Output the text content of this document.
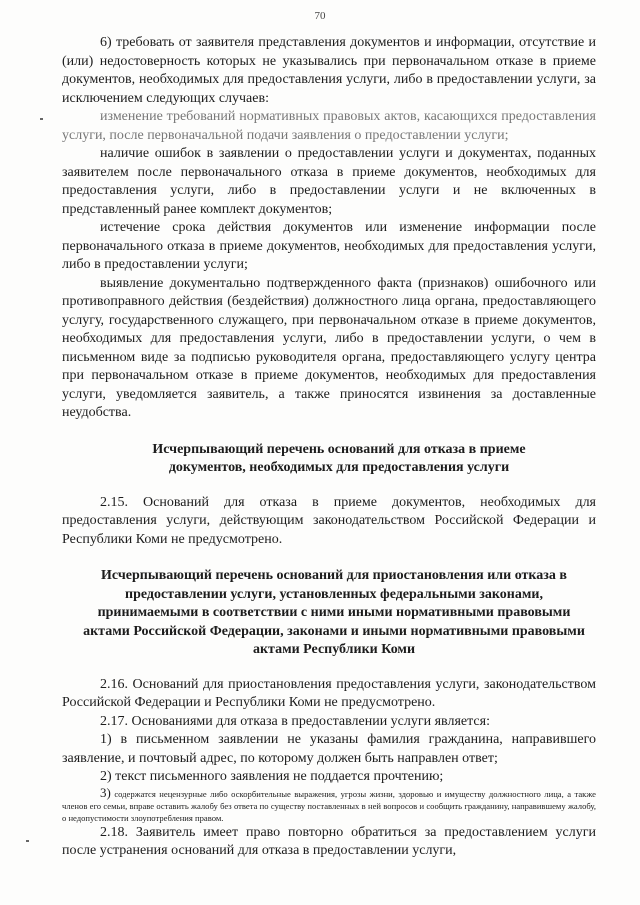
70

6) требовать от заявителя представления документов и информации, отсутствие и (или) недостоверность которых не указывались при первоначальном отказе в приеме документов, необходимых для предоставления услуги, либо в предоставлении услуги, за исключением следующих случаев:

изменение требований нормативных правовых актов, касающихся предоставления услуги, после первоначальной подачи заявления о предоставлении услуги;

наличие ошибок в заявлении о предоставлении услуги и документах, поданных заявителем после первоначального отказа в приеме документов, необходимых для предоставления услуги, либо в предоставлении услуги и не включенных в представленный ранее комплект документов;

истечение срока действия документов или изменение информации после первоначального отказа в приеме документов, необходимых для предоставления услуги, либо в предоставлении услуги;

выявление документально подтвержденного факта (признаков) ошибочного или противоправного действия (бездействия) должностного лица органа, предоставляющего услугу, государственного служащего, при первоначальном отказе в приеме документов, необходимых для предоставления услуги, либо в предоставлении услуги, о чем в письменном виде за подписью руководителя органа, предоставляющего услугу центра при первоначальном отказе в приеме документов, необходимых для предоставления услуги, уведомляется заявитель, а также приносятся извинения за доставленные неудобства.

Исчерпывающий перечень оснований для отказа в приеме документов, необходимых для предоставления услуги

2.15. Оснований для отказа в приеме документов, необходимых для предоставления услуги, действующим законодательством Российской Федерации и Республики Коми не предусмотрено.

Исчерпывающий перечень оснований для приостановления или отказа в предоставлении услуги, установленных федеральными законами, принимаемыми в соответствии с ними иными нормативными правовыми актами Российской Федерации, законами и иными нормативными правовыми актами Республики Коми

2.16. Оснований для приостановления предоставления услуги, законодательством Российской Федерации и Республики Коми не предусмотрено.

2.17. Основаниями для отказа в предоставлении услуги является:

1) в письменном заявлении не указаны фамилия гражданина, направившего заявление, и почтовый адрес, по которому должен быть направлен ответ;

2) текст письменного заявления не поддается прочтению;

3) содержатся нецензурные либо оскорбительные выражения, угрозы жизни, здоровью и имуществу должностного лица, а также членов его семьи, вправе оставить жалобу без ответа по существу поставленных в ней вопросов и сообщить гражданину, направившему жалобу, о недопустимости злоупотребления правом.

2.18. Заявитель имеет право повторно обратиться за предоставлением услуги после устранения оснований для отказа в предоставлении услуги,
